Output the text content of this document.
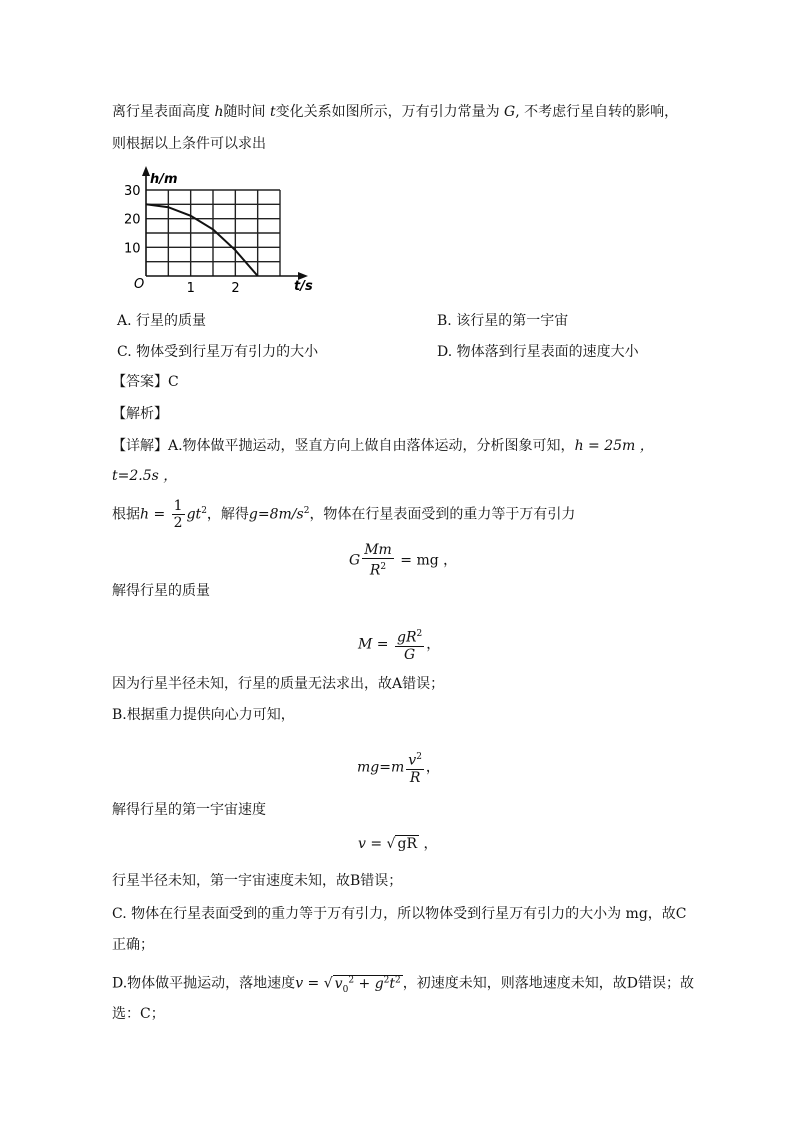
离行星表面高度 h随时间 t变化关系如图所示，万有引力常量为 G, 不考虑行星自转的影响，
则根据以上条件可以求出
h/m
t/s
O
30
20
10
1	2
A. 行星的质量	B. 该行星的第一宇宙
C. 物体受到行星万有引力的大小	D. 物体落到行星表面的速度大小
【答案】C
【解析】
【详解】A.物体做平抛运动，竖直方向上做自由落体运动，分析图象可知，h = 25m ，
t=2.5s ，
根据$h = \frac{1}{2} gt^2$，解得$g=8m/s^2$，物体在行星表面受到的重力等于万有引力
G $\frac{Mm}{R^2}$ = mg ，
解得行星的质量
$M = \frac{gR^2}{G}$ ，
因为行星半径未知，行星的质量无法求出，故A错误；
B.根据重力提供向心力可知，
$mg=m \frac{v^2}{R}$ ，
解得行星的第一宇宙速度
v = √ gR ，
行星半径未知，第一宇宙速度未知，故B错误；
C. 物体在行星表面受到的重力等于万有引力，所以物体受到行星万有引力的大小为 mg，故C
正确；
D.物体做平抛运动，落地速度v = √ $v_0^2 + g^2t^2$ ，初速度未知，则落地速度未知，故D错误；故
选：C；
